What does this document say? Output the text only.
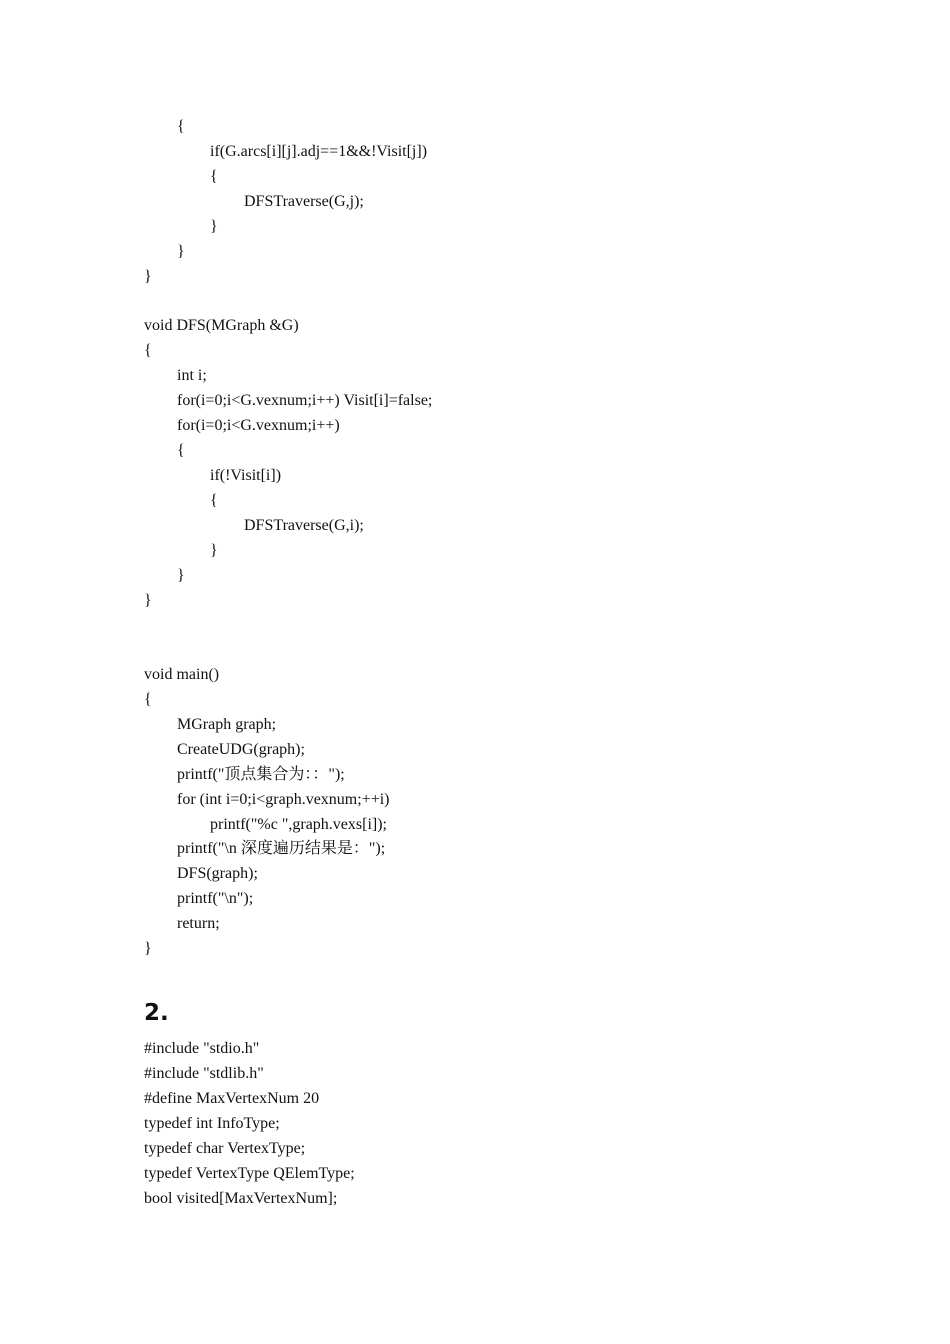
{
if(G.arcs[i][j].adj==1&&!Visit[j])
{
DFSTraverse(G,j);
}
}
}
void DFS(MGraph &G)
{
int i;
for(i=0;i<G.vexnum;i++) Visit[i]=false;
for(i=0;i<G.vexnum;i++)
{
if(!Visit[i])
{
DFSTraverse(G,i);
}
}
}
void main()
{
MGraph graph;
CreateUDG(graph);
printf("顶点集合为：：");
for (int i=0;i<graph.vexnum;++i)
printf("%c ",graph.vexs[i]);
printf("\n 深度遍历结果是：");
DFS(graph);
printf("\n");
return;
}
2.
#include "stdio.h"
#include "stdlib.h"
#define MaxVertexNum 20
typedef int InfoType;
typedef char VertexType;
typedef VertexType QElemType;
bool visited[MaxVertexNum];
